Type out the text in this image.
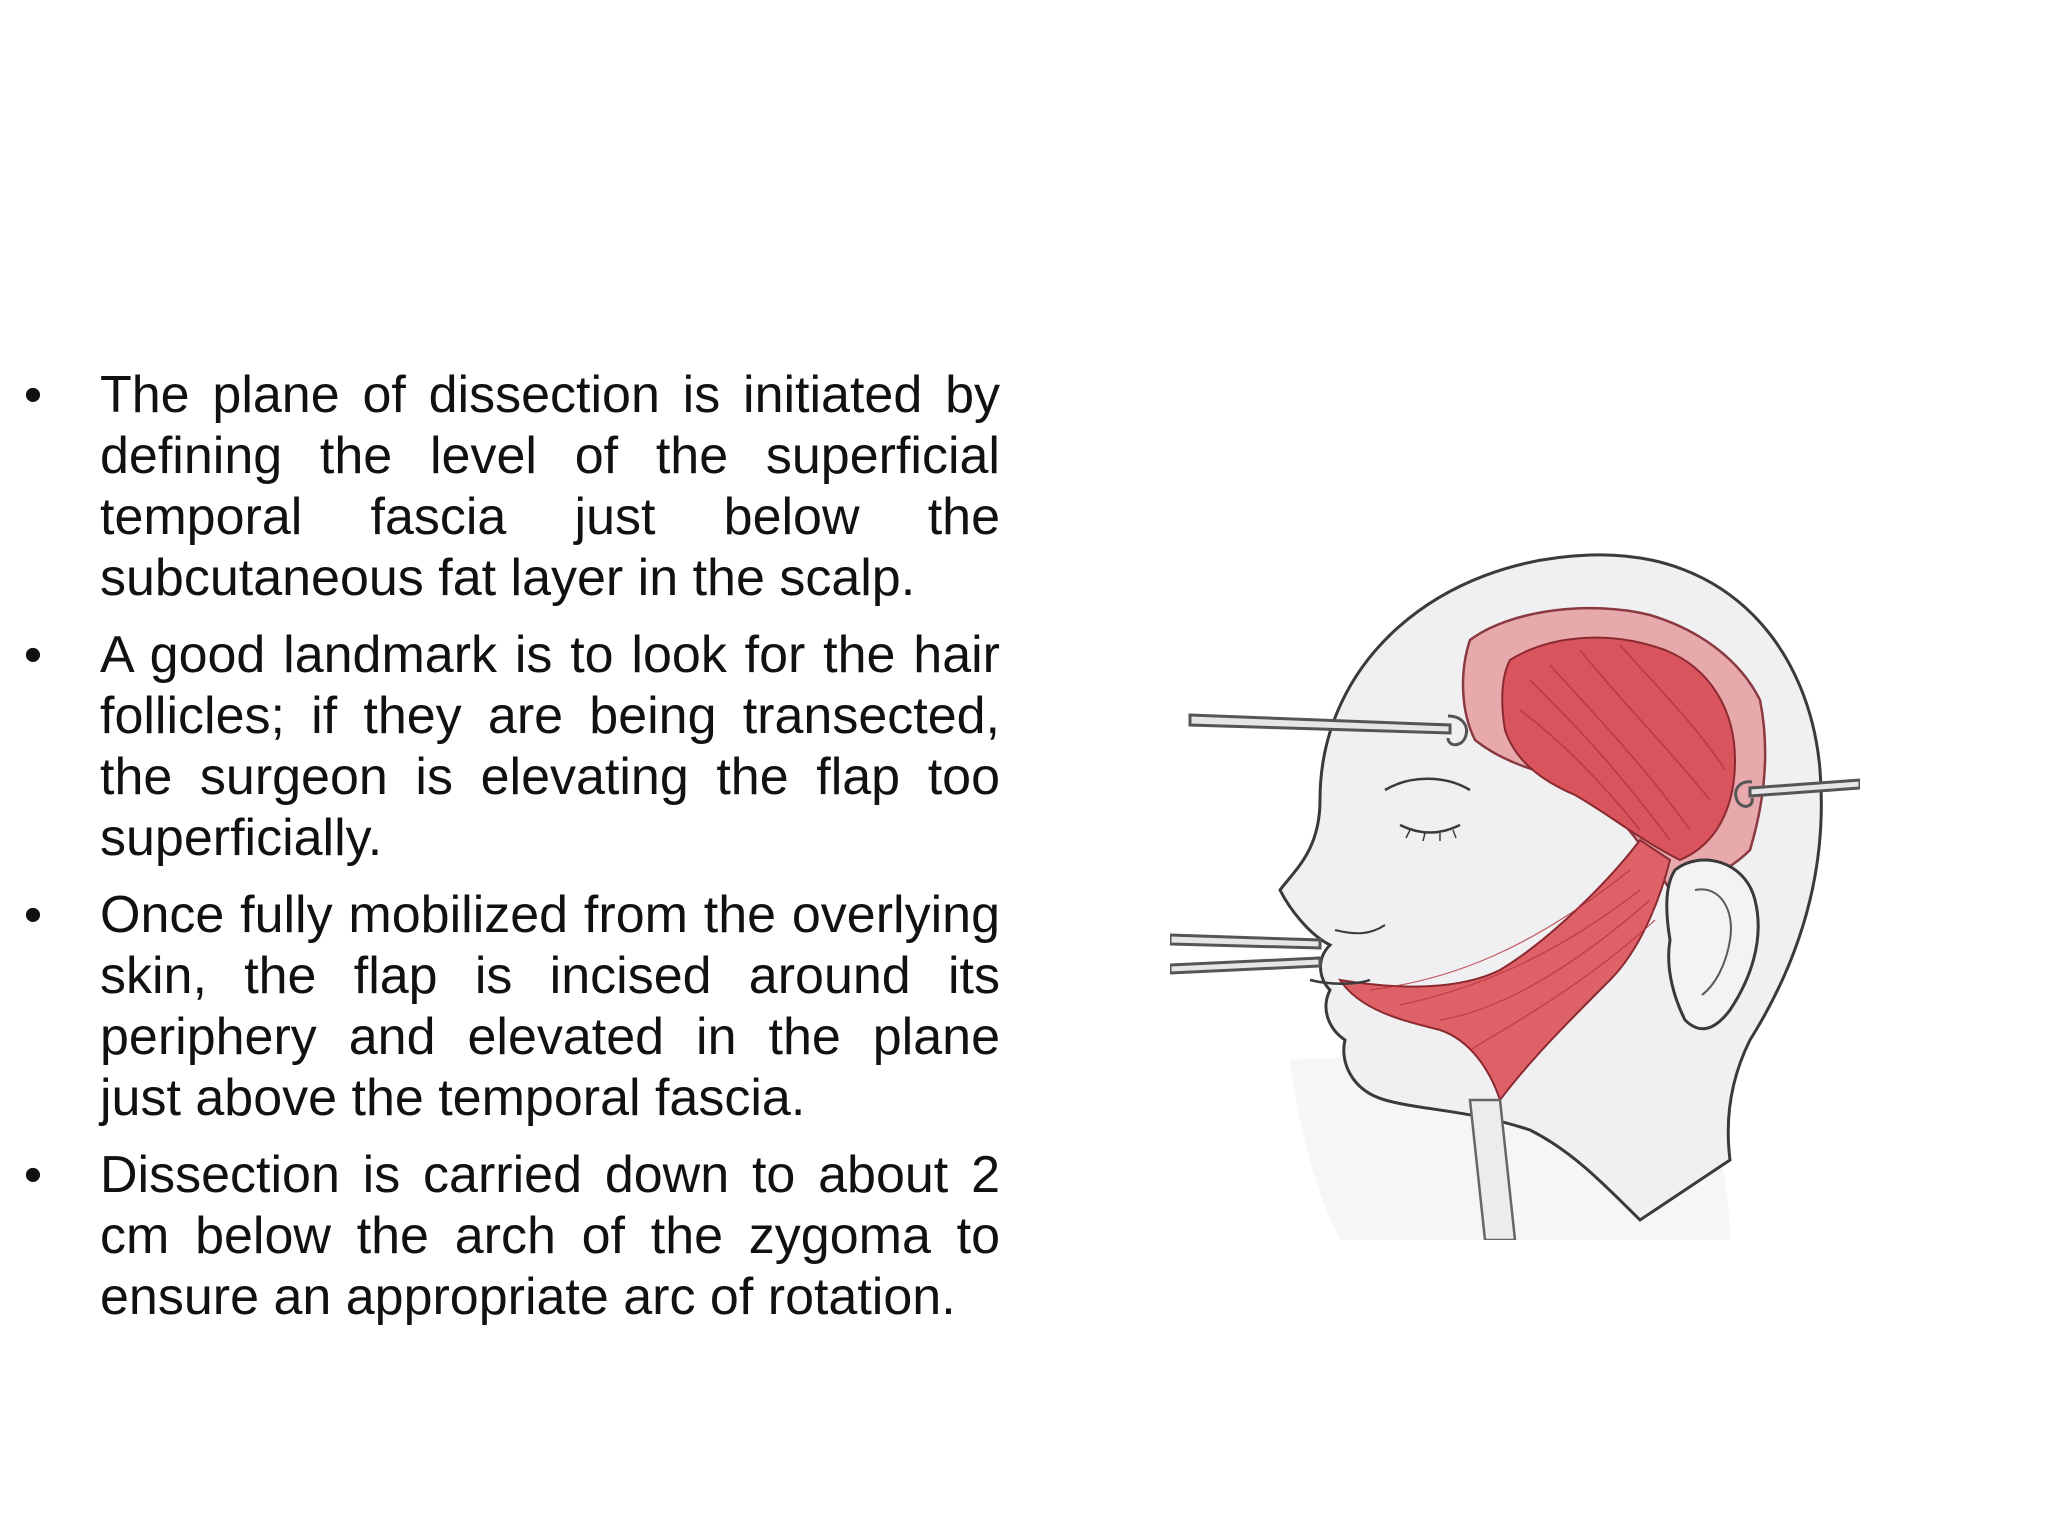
• The plane of dissection is initiated by defining the level of the superficial temporal fascia just below the subcutaneous fat layer in the scalp.
• A good landmark is to look for the hair follicles; if they are being transected, the surgeon is elevating the flap too superficially.
• Once fully mobilized from the overlying skin, the flap is incised around its periphery and elevated in the plane just above the temporal fascia.
• Dissection is carried down to about 2 cm below the arch of the zygoma to ensure an appropriate arc of rotation.
